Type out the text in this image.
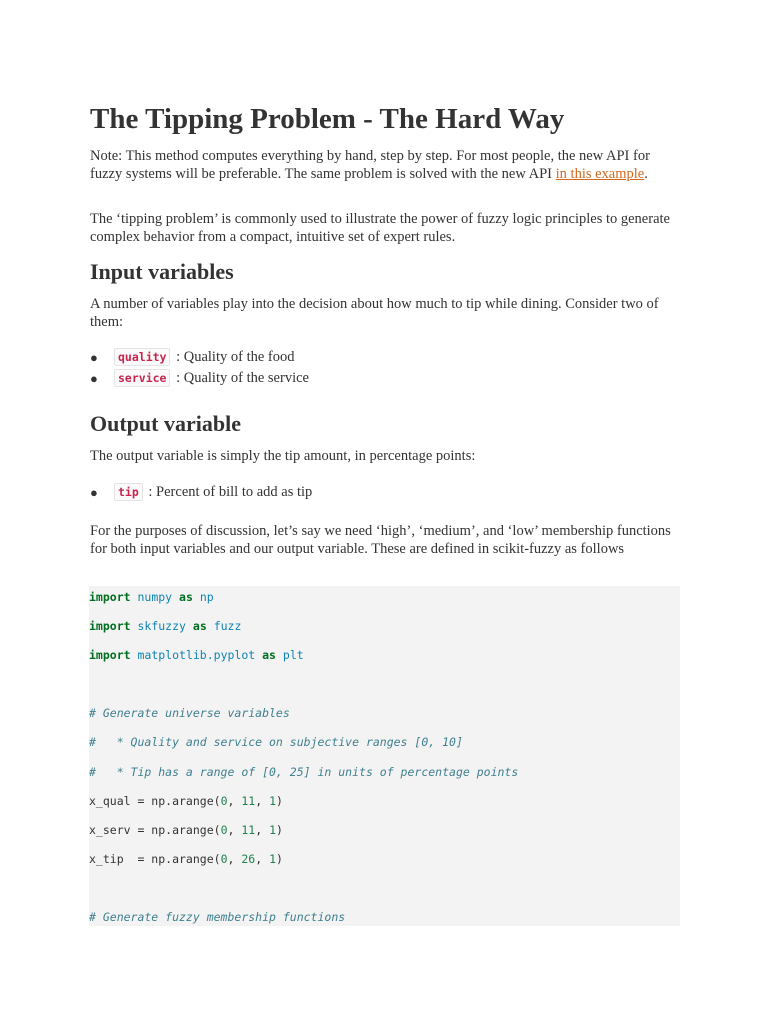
The Tipping Problem - The Hard Way

Note: This method computes everything by hand, step by step. For most people, the new API for fuzzy systems will be preferable. The same problem is solved with the new API in this example.

The ‘tipping problem’ is commonly used to illustrate the power of fuzzy logic principles to generate complex behavior from a compact, intuitive set of expert rules.

Input variables

A number of variables play into the decision about how much to tip while dining. Consider two of them:

● quality : Quality of the food
● service : Quality of the service
Output variable

The output variable is simply the tip amount, in percentage points:

● tip : Percent of bill to add as tip

For the purposes of discussion, let’s say we need ‘high’, ‘medium’, and ‘low’ membership functions for both input variables and our output variable. These are defined in scikit-fuzzy as follows

import numpy as np
import skfuzzy as fuzz
import matplotlib.pyplot as plt
# Generate universe variables
#   * Quality and service on subjective ranges [0, 10]
#   * Tip has a range of [0, 25] in units of percentage points
x_qual = np.arange(0, 11, 1)
x_serv = np.arange(0, 11, 1)
x_tip  = np.arange(0, 26, 1)
# Generate fuzzy membership functions
